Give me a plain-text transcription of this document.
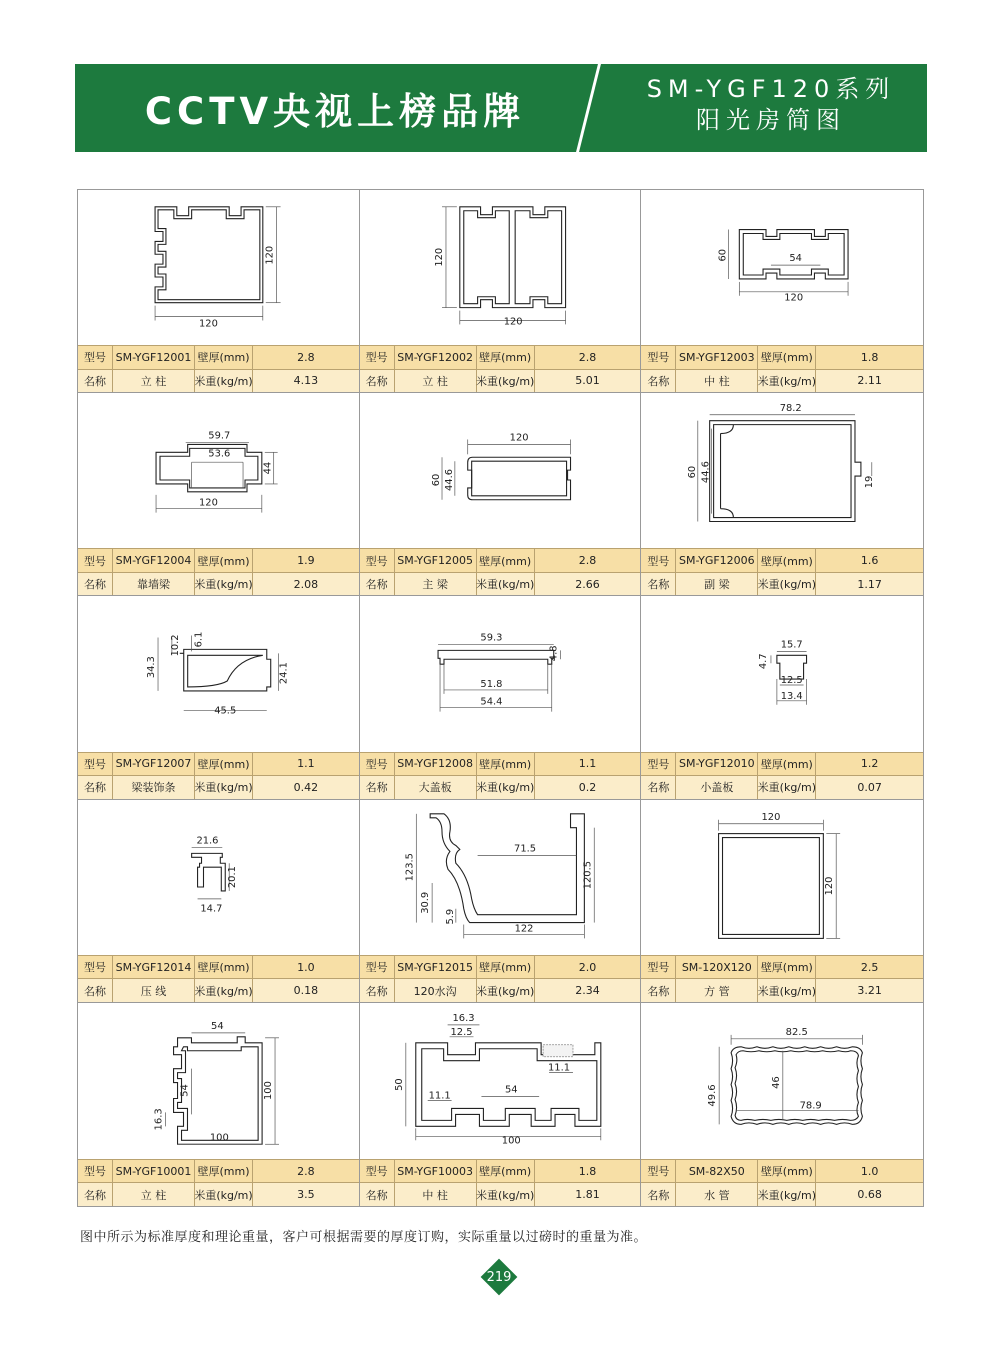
CCTV央视上榜品牌
SM-YGF120系列
阳光房简图
120
120
型号 SM-YGF12001 壁厚(mm)	2.8
名称	立 柱	米重(kg/m)	4.13
120
120
型号 SM-YGF12002 壁厚(mm)	2.8
名称	立 柱	米重(kg/m)	5.01
54
120
60
型号 SM-YGF12003 壁厚(mm)	1.8
名称	中 柱	米重(kg/m)	2.11
59.7
53.6
120
44
型号 SM-YGF12004 壁厚(mm)	1.9
名称	靠墙梁	米重(kg/m)	2.08
120
60 44.6
型号 SM-YGF12005 壁厚(mm)	2.8
名称	主 梁	米重(kg/m)	2.66
78.2
60 44.6	19
型号 SM-YGF12006 壁厚(mm)	1.6
名称	副 梁	米重(kg/m)	1.17
34.3
10.2 6.1
45.5
24.1
型号 SM-YGF12007 壁厚(mm)	1.1
名称	梁装饰条	米重(kg/m)	0.42
59.3
4.8
51.8
54.4
型号 SM-YGF12008 壁厚(mm)	1.1
名称	大盖板	米重(kg/m)	0.2
15.7
4.7
12.5
13.4
型号 SM-YGF12010 壁厚(mm)	1.2
名称	小盖板	米重(kg/m)	0.07
21.6
20.1
14.7
型号 SM-YGF12014 壁厚(mm)	1.0
名称	压 线	米重(kg/m)	0.18
71.5
123.5	120.5
30.9
5.9
122
型号 SM-YGF12015 壁厚(mm)	2.0
名称	120水沟	米重(kg/m)	2.34
120
120
型号	SM-120X120 壁厚(mm)	2.5
名称	方 管	米重(kg/m)	3.21
54
54
16.3
100
100
型号 SM-YGF10001 壁厚(mm)	2.8
名称	立 柱	米重(kg/m)	3.5
16.3
12.5
11.1
50	54
11.1
100
型号 SM-YGF10003 壁厚(mm)	1.8
名称	中 柱	米重(kg/m)	1.81
82.5
46
49.6	78.9
型号	SM-82X50	壁厚(mm)	1.0
名称	水 管	米重(kg/m)	0.68
图中所示为标准厚度和理论重量，客户可根据需要的厚度订购，实际重量以过磅时的重量为准。
219
